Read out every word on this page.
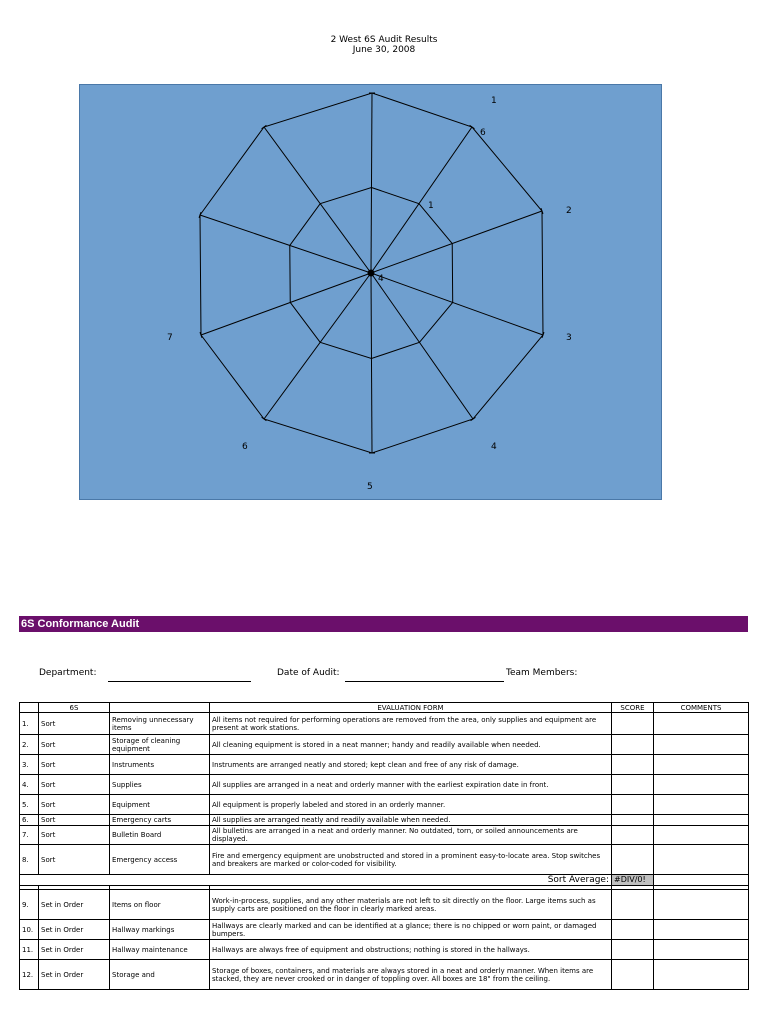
2 West 6S Audit Results
June 30, 2008
1
2
3
4
5
6
7
1
6
4
6S Conformance Audit
Department:	Date of Audit:	Team Members:
	6S		EVALUATION FORM	SCORE	COMMENTS
1.	Sort	Removing unnecessary items	All items not required for performing operations are removed from the area, only supplies and equipment are present at work stations.		
2.	Sort	Storage of cleaning equipment	All cleaning equipment is stored in a neat manner; handy and readily available when needed.		
3.	Sort	Instruments	Instruments are arranged neatly and stored; kept clean and free of any risk of damage.		
4.	Sort	Supplies	All supplies are arranged in a neat and orderly manner with the earliest expiration date in front.		
5.	Sort	Equipment	All equipment is properly labeled and stored in an orderly manner.		
6.	Sort	Emergency carts	All supplies are arranged neatly and readily available when needed.		
7.	Sort	Bulletin Board	All bulletins are arranged in a neat and orderly manner. No outdated, torn, or soiled announcements are displayed.		
8.	Sort	Emergency access	Fire and emergency equipment are unobstructed and stored in a prominent easy-to-locate area. Stop switches and breakers are marked or color-coded for visibility.		
	Sort Average:			#DIV/0!	

9.	Set in Order	Items on floor	Work-in-process, supplies, and any other materials are not left to sit directly on the floor. Large items such as supply carts are positioned on the floor in clearly marked areas.		
10.	Set in Order	Hallway markings	Hallways are clearly marked and can be identified at a glance; there is no chipped or worn paint, or damaged bumpers.		
11.	Set in Order	Hallway maintenance	Hallways are always free of equipment and obstructions; nothing is stored in the hallways.		
12.	Set in Order	Storage and	Storage of boxes, containers, and materials are always stored in a neat and orderly manner. When items are stacked, they are never crooked or in danger of toppling over. All boxes are 18" from the ceiling.		
